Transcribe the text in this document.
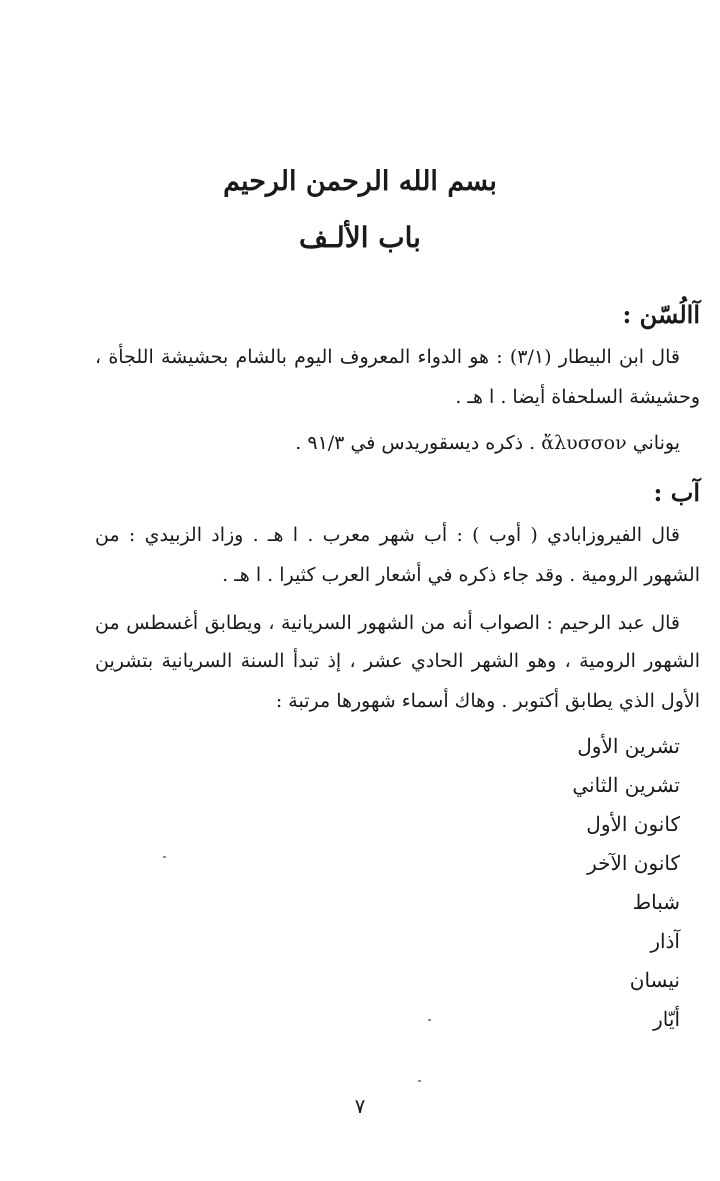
بسم الله الرحمن الرحيم
باب الألـف
آالُسّن :
قال ابن البيطار (٣/١) : هو الدواء المعروف اليوم بالشام بحشيشة اللجأة ،
وحشيشة السلحفاة أيضا . ا هـ .
يوناني ἄλυσσον . ذكره ديسقوريدس في ٩١/٣ .
آب :
قال الفيروزابادي ( أوب ) : أب شهر معرب . ا هـ . وزاد الزبيدي : من
الشهور الرومية . وقد جاء ذكره في أشعار العرب كثيرا . ا هـ .
قال عبد الرحيم : الصواب أنه من الشهور السريانية ، ويطابق أغسطس من
الشهور الرومية ، وهو الشهر الحادي عشر ، إذ تبدأ السنة السريانية بتشرين
الأول الذي يطابق أكتوبر . وهاك أسماء شهورها مرتبة :
تشرين الأول
تشرين الثاني
كانون الأول
كانون الآخر
شباط
آذار
نيسان
أيّار
٧
